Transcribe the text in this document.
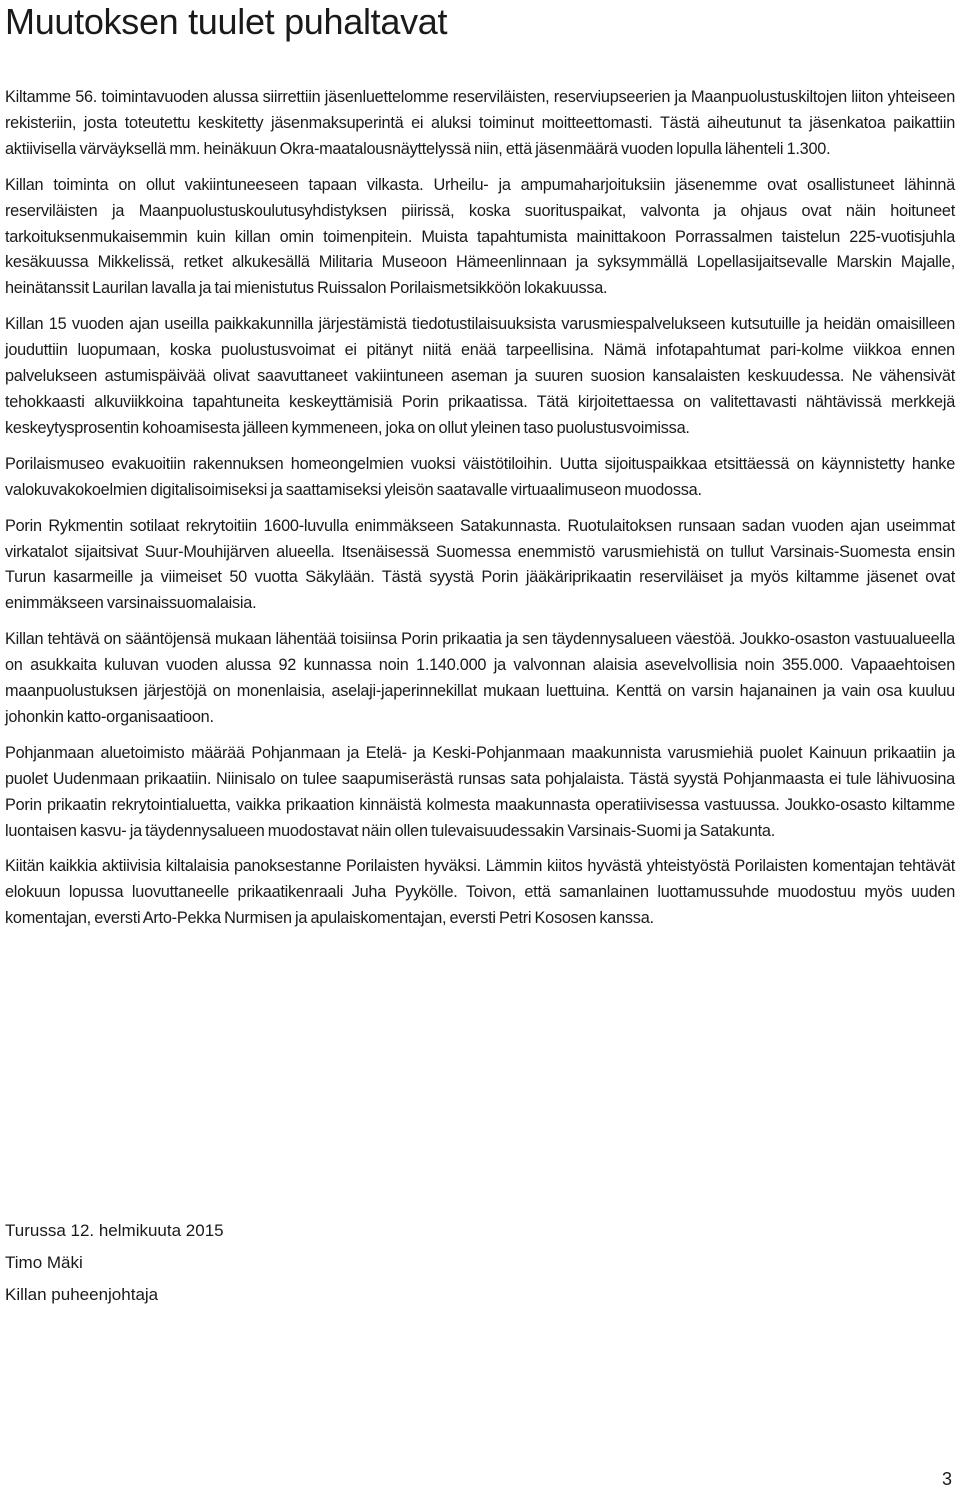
Muutoksen tuulet puhaltavat

Kiltamme 56. toimintavuoden alussa siirrettiin jäsenluettelomme reserviläisten, reserviupseerien ja Maanpuolustuskiltojen liiton yhteiseen rekisteriin, josta toteutettu keskitetty jäsenmaksuperintä ei aluksi toiminut moitteettomasti. Tästä aiheutunut ta jäsenkatoa paikattiin aktiivisella värväyksellä mm. heinäkuun Okra-maatalousnäyttelyssä niin, että jäsenmäärä vuoden lopulla lähenteli 1.300.

Killan toiminta on ollut vakiintuneeseen tapaan vilkasta. Urheilu- ja ampumaharjoituksiin jäsenemme ovat osallistuneet lähinnä reserviläisten ja Maanpuolustuskoulutusyhdistyksen piirissä, koska suorituspaikat, valvonta ja ohjaus ovat näin hoituneet tarkoituksenmukaisemmin kuin killan omin toimenpitein. Muista tapahtumista mainittakoon Porrassalmen taistelun 225-vuotisjuhla kesäkuussa Mikkelissä, retket alkukesällä Militaria Museoon Hämeenlinnaan ja syksymmällä Lopellasijaitsevalle Marskin Majalle, heinätanssit Laurilan lavalla ja tai mienistutus Ruissalon Porilaismetsikköön lokakuussa.

Killan 15 vuoden ajan useilla paikkakunnilla järjestämistä tiedotustilaisuuksista varusmiespalvelukseen kutsutuille ja heidän omaisilleen jouduttiin luopumaan, koska puolustusvoimat ei pitänyt niitä enää tarpeellisina. Nämä infotapahtumat pari-kolme viikkoa ennen palvelukseen astumispäivää olivat saavuttaneet vakiintuneen aseman ja suuren suosion kansalaisten keskuudessa. Ne vähensivät tehokkaasti alkuviikkoina tapahtuneita keskeyttämisiä Porin prikaatissa. Tätä kirjoitettaessa on valitettavasti nähtävissä merkkejä keskeytysprosentin kohoamisesta jälleen kymmeneen, joka on ollut yleinen taso puolustusvoimissa.

Porilaismuseo evakuoitiin rakennuksen homeongelmien vuoksi väistötiloihin. Uutta sijoituspaikkaa etsittäessä on käynnistetty hanke valokuvakokoelmien digitalisoimiseksi ja saattamiseksi yleisön saatavalle virtuaalimuseon muodossa.

Porin Rykmentin sotilaat rekrytoitiin 1600-luvulla enimmäkseen Satakunnasta. Ruotulaitoksen runsaan sadan vuoden ajan useimmat virkatalot sijaitsivat Suur-Mouhijärven alueella. Itsenäisessä Suomessa enemmistö varusmiehistä on tullut Varsinais-Suomesta ensin Turun kasarmeille ja viimeiset 50 vuotta Säkylään. Tästä syystä Porin jääkäriprikaatin reserviläiset ja myös kiltamme jäsenet ovat enimmäkseen varsinaissuomalaisia.

Killan tehtävä on sääntöjensä mukaan lähentää toisiinsa Porin prikaatia ja sen täydennysalueen väestöä. Joukko-osaston vastuualueella on asukkaita kuluvan vuoden alussa 92 kunnassa noin 1.140.000 ja valvonnan alaisia asevelvollisia noin 355.000. Vapaaehtoisen maanpuolustuksen järjestöjä on monenlaisia, aselaji-japerinnekillat mukaan luettuina. Kenttä on varsin hajanainen ja vain osa kuuluu johonkin katto-organisaatioon.

Pohjanmaan aluetoimisto määrää Pohjanmaan ja Etelä- ja Keski-Pohjanmaan maakunnista varusmiehiä puolet Kainuun prikaatiin ja puolet Uudenmaan prikaatiin. Niinisalo on tulee saapumiserästä runsas sata pohjalaista. Tästä syystä Pohjanmaasta ei tule lähivuosina Porin prikaatin rekrytointialuetta, vaikka prikaation kinnäistä kolmesta maakunnasta operatiivisessa vastuussa. Joukko-osasto kiltamme luontaisen kasvu- ja täydennysalueen muodostavat näin ollen tulevaisuudessakin Varsinais-Suomi ja Satakunta.

Kiitän kaikkia aktiivisia kiltalaisia panoksestanne Porilaisten hyväksi. Lämmin kiitos hyvästä yhteistyöstä Porilaisten komentajan tehtävät elokuun lopussa luovuttaneelle prikaatikenraali Juha Pyykölle. Toivon, että samanlainen luottamussuhde muodostuu myös uuden komentajan, eversti Arto-Pekka Nurmisen ja apulaiskomentajan, eversti Petri Kososen kanssa.

Turussa 12. helmikuuta 2015
Timo Mäki
Killan puheenjohtaja
3
